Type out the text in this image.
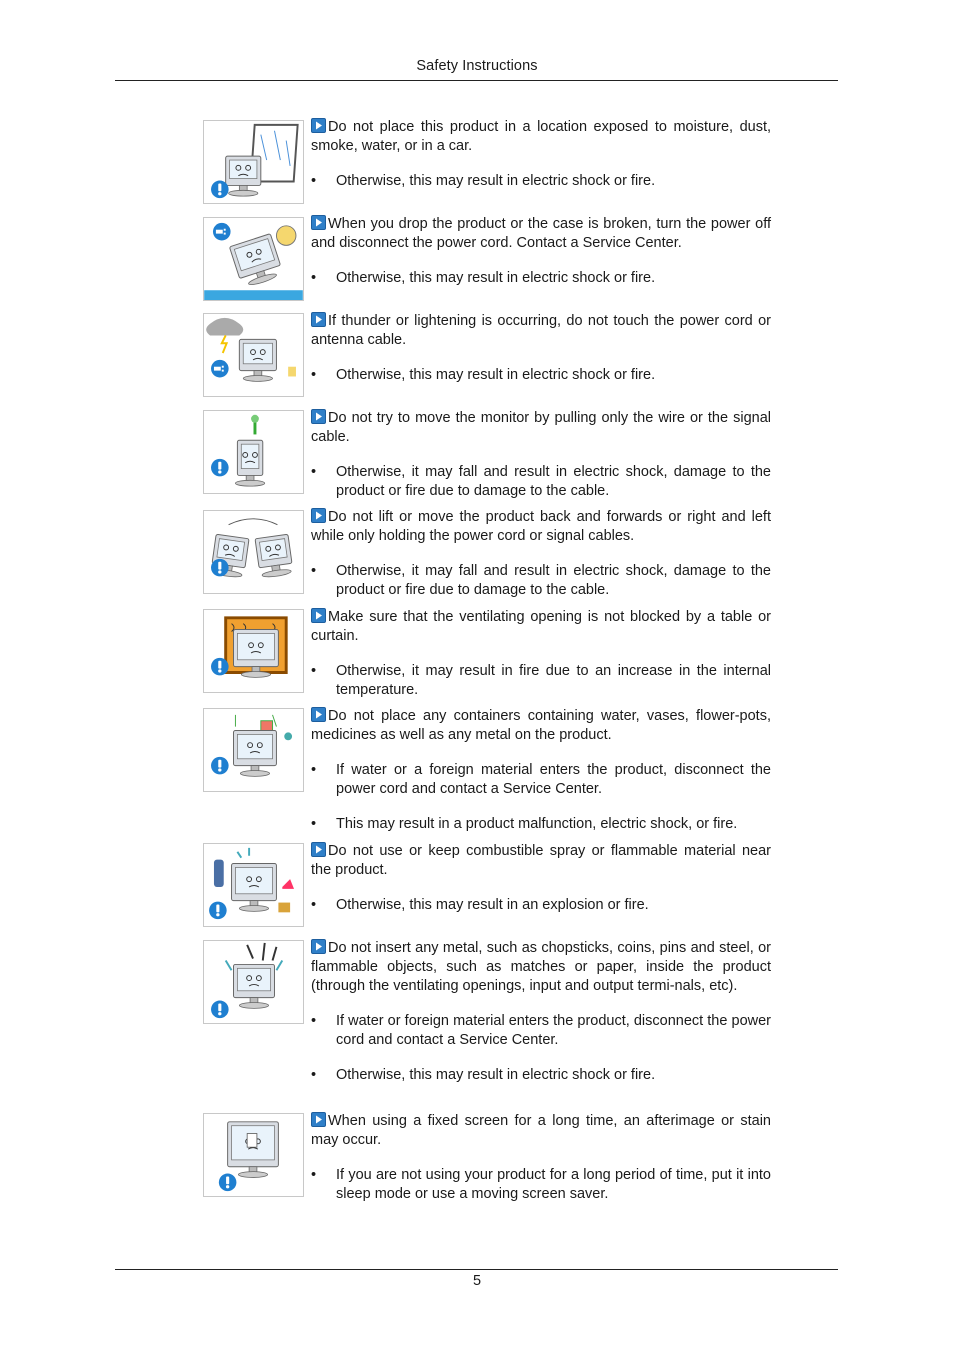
Safety Instructions

Do not place this product in a location exposed to moisture, dust, smoke, water, or in a car.

•	Otherwise, this may result in electric shock or fire.

When you drop the product or the case is broken, turn the power off and disconnect the power cord. Contact a Service Center.

•	Otherwise, this may result in electric shock or fire.

If thunder or lightening is occurring, do not touch the power cord or antenna cable.

•	Otherwise, this may result in electric shock or fire.

Do not try to move the monitor by pulling only the wire or the signal cable.

•	Otherwise, it may fall and result in electric shock, damage to the product or fire due to damage to the cable.

Do not lift or move the product back and forwards or right and left while only holding the power cord or signal cables.

•	Otherwise, it may fall and result in electric shock, damage to the product or fire due to damage to the cable.

Make sure that the ventilating opening is not blocked by a table or curtain.

•	Otherwise, it may result in fire due to an increase in the internal temperature.

Do not place any containers containing water, vases, flower-pots, medicines as well as any metal on the product.

•	If water or a foreign material enters the product, disconnect the power cord and contact a Service Center.
•	This may result in a product malfunction, electric shock, or fire.

Do not use or keep combustible spray or flammable material near the product.

•	Otherwise, this may result in an explosion or fire.

Do not insert any metal, such as chopsticks, coins, pins and steel, or flammable objects, such as matches or paper, inside the product (through the ventilating openings, input and output termi-nals, etc).

•	If water or foreign material enters the product, disconnect the power cord and contact a Service Center.
•	Otherwise, this may result in electric shock or fire.

When using a fixed screen for a long time, an afterimage or stain may occur.

•	If you are not using your product for a long period of time, put it into sleep mode or use a moving screen saver.
5
